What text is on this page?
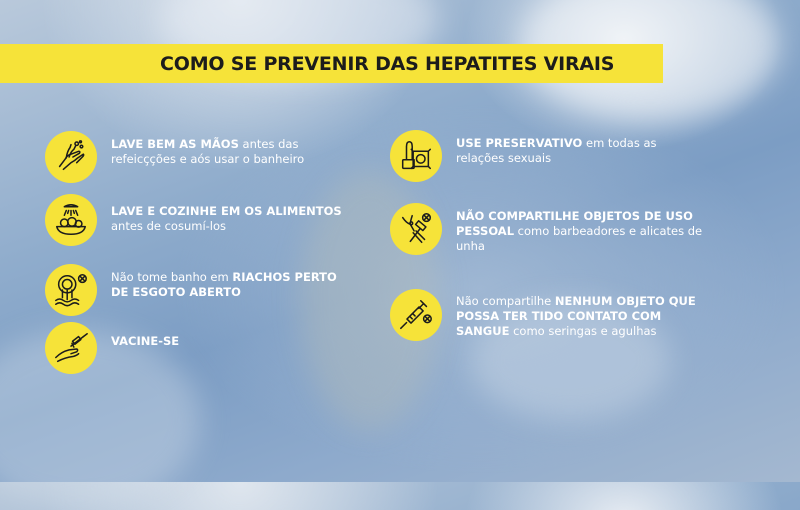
COMO SE PREVENIR DAS HEPATITES VIRAIS
LAVE BEM AS MÃOS antes das refeicçções e aós usar o banheiro
LAVE E COZINHE EM OS ALIMENTOS
antes de cosumí-los
Não tome banho em RIACHOS PERTO DE ESGOTO ABERTO
VACINE-SE
USE PRESERVATIVO em todas as relações sexuais
NÃO COMPARTILHE OBJETOS DE USO PESSOAL como barbeadores e alicates de unha
Não compartilhe NENHUM OBJETO QUE POSSA TER TIDO CONTATO COM SANGUE como seringas e agulhas
